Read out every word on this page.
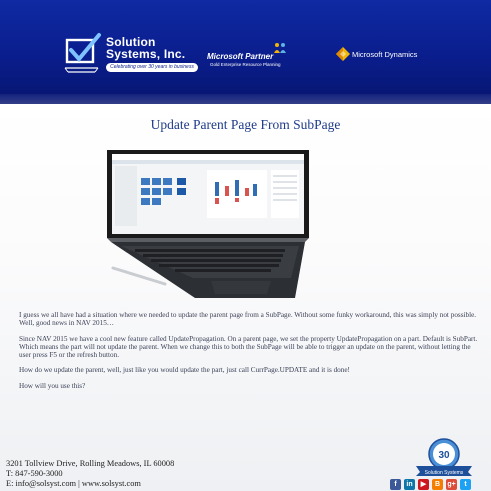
Solution
Systems, Inc.
Celebrating over 30 years in business
Microsoft Partner
Gold Enterprise Resource Planning
Microsoft Dynamics
Update Parent Page From SubPage

I guess we all have had a situation where we needed to update the parent page from a SubPage. Without some funky workaround, this was simply not possible. Well, good news in NAV 2015…

Since NAV 2015 we have a cool new feature called UpdatePropagation. On a parent page, we set the property UpdatePropagation on a part. Default is SubPart. Which means the part will not update the parent. When we change this to both the SubPage will be able to trigger an update on the parent, without letting the user press F5 or the refresh button.

How do we update the parent, well, just like you would update the part, just call CurrPage.UPDATE and it is done!

How will you use this?

3201 Tollview Drive, Rolling Meadows, IL 60008
T: 847-590-3000
E: info@solsyst.com | www.solsyst.com
30
Solution Systems
f	in	▶	B	g+	t
